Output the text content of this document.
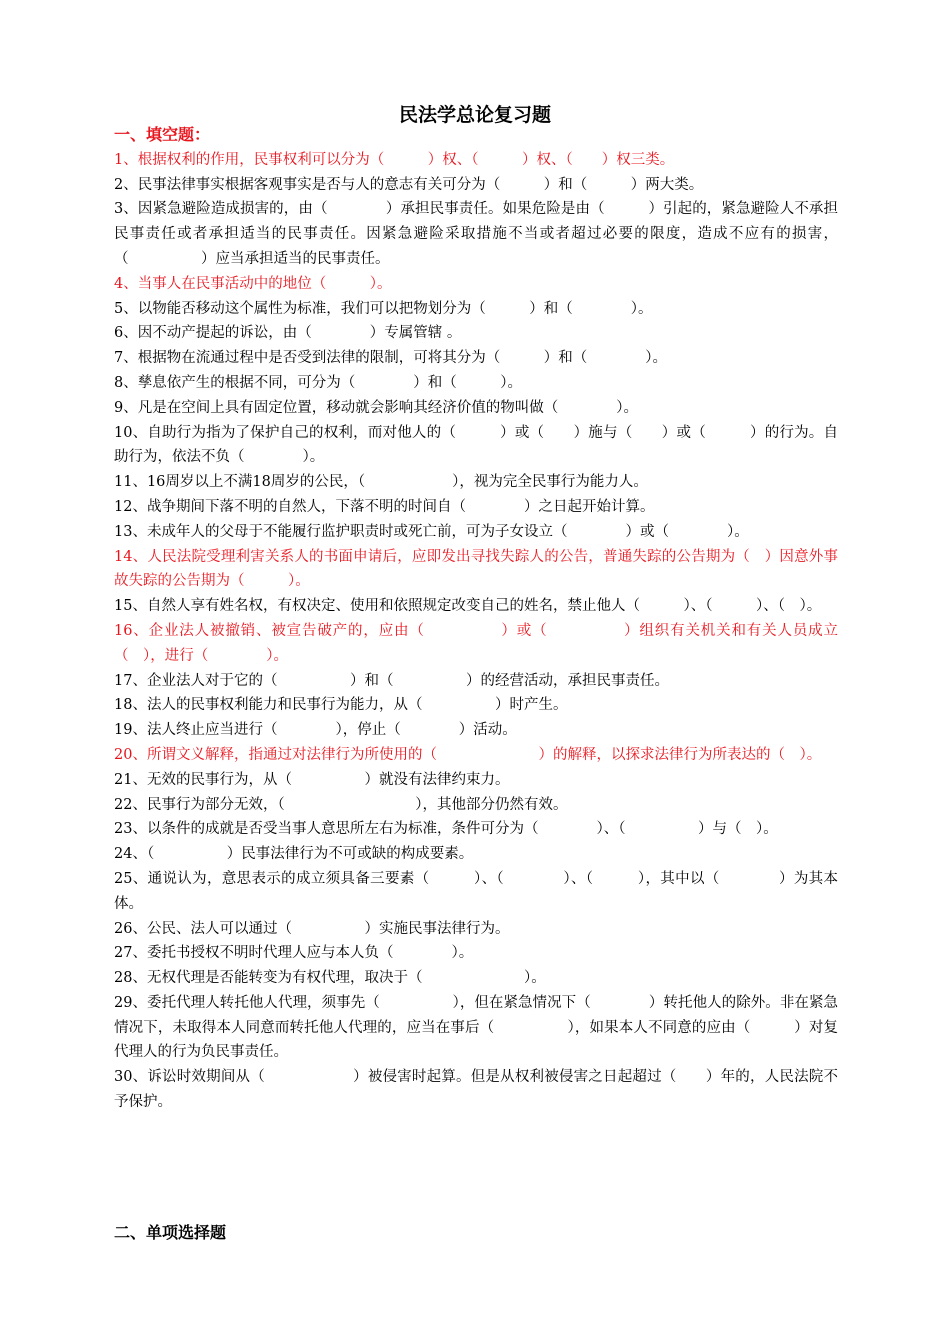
民法学总论复习题
一、填空题：

1、根据权利的作用，民事权利可以分为（　　　）权、（　　　）权、（　　）权三类。

2、民事法律事实根据客观事实是否与人的意志有关可分为（　　　）和（　　　）两大类。

3、因紧急避险造成损害的，由（　　　　）承担民事责任。如果危险是由（　　　）引起的，紧急避险人不承担民事责任或者承担适当的民事责任。因紧急避险采取措施不当或者超过必要的限度，造成不应有的损害，（　　　　　）应当承担适当的民事责任。

4、当事人在民事活动中的地位（　　　）。

5、以物能否移动这个属性为标准，我们可以把物划分为（　　　）和（　　　　）。

6、因不动产提起的诉讼，由（　　　　）专属管辖 。

7、根据物在流通过程中是否受到法律的限制，可将其分为（　　　）和（　　　　）。

8、孳息依产生的根据不同，可分为（　　　　）和（　　　）。

9、凡是在空间上具有固定位置，移动就会影响其经济价值的物叫做（　　　　）。

10、自助行为指为了保护自己的权利，而对他人的（　　　）或（　　）施与（　　）或（　　　）的行为。自助行为，依法不负（　　　　）。

11、16周岁以上不满18周岁的公民，（　　　　　　），视为完全民事行为能力人。

12、战争期间下落不明的自然人，下落不明的时间自（　　　　）之日起开始计算。

13、未成年人的父母于不能履行监护职责时或死亡前，可为子女设立（　　　　）或（　　　　）。

14、人民法院受理利害关系人的书面申请后，应即发出寻找失踪人的公告，普通失踪的公告期为（　）因意外事故失踪的公告期为（　　　）。

15、自然人享有姓名权，有权决定、使用和依照规定改变自己的姓名，禁止他人（　　　）、（　　　）、（　）。

16、企业法人被撤销、被宣告破产的，应由（　　　　　）或（　　　　　）组织有关机关和有关人员成立（　），进行（　　　　）。

17、企业法人对于它的（　　　　　）和（　　　　　）的经营活动，承担民事责任。

18、法人的民事权利能力和民事行为能力，从（　　　　　）时产生。

19、法人终止应当进行（　　　　），停止（　　　　）活动。

20、所谓文义解释，指通过对法律行为所使用的（　　　　　　　）的解释，以探求法律行为所表达的（　）。

21、无效的民事行为，从（　　　　　）就没有法律约束力。

22、民事行为部分无效，（　　　　　　　　　），其他部分仍然有效。

23、以条件的成就是否受当事人意思所左右为标准，条件可分为（　　　　）、（　　　　　）与（　）。

24、（　　　　　）民事法律行为不可或缺的构成要素。

25、通说认为，意思表示的成立须具备三要素（　　　）、（　　　　）、（　　　），其中以（　　　　）为其本体。

26、公民、法人可以通过（　　　　　）实施民事法律行为。

27、委托书授权不明时代理人应与本人负（　　　　）。

28、无权代理是否能转变为有权代理，取决于（　　　　　　　）。

29、委托代理人转托他人代理，须事先（　　　　　），但在紧急情况下（　　　　）转托他人的除外。非在紧急情况下，未取得本人同意而转托他人代理的，应当在事后（　　　　　），如果本人不同意的应由（　　　）对复代理人的行为负民事责任。

30、诉讼时效期间从（　　　　　　）被侵害时起算。但是从权利被侵害之日起超过（　　）年的，人民法院不予保护。

二、单项选择题
